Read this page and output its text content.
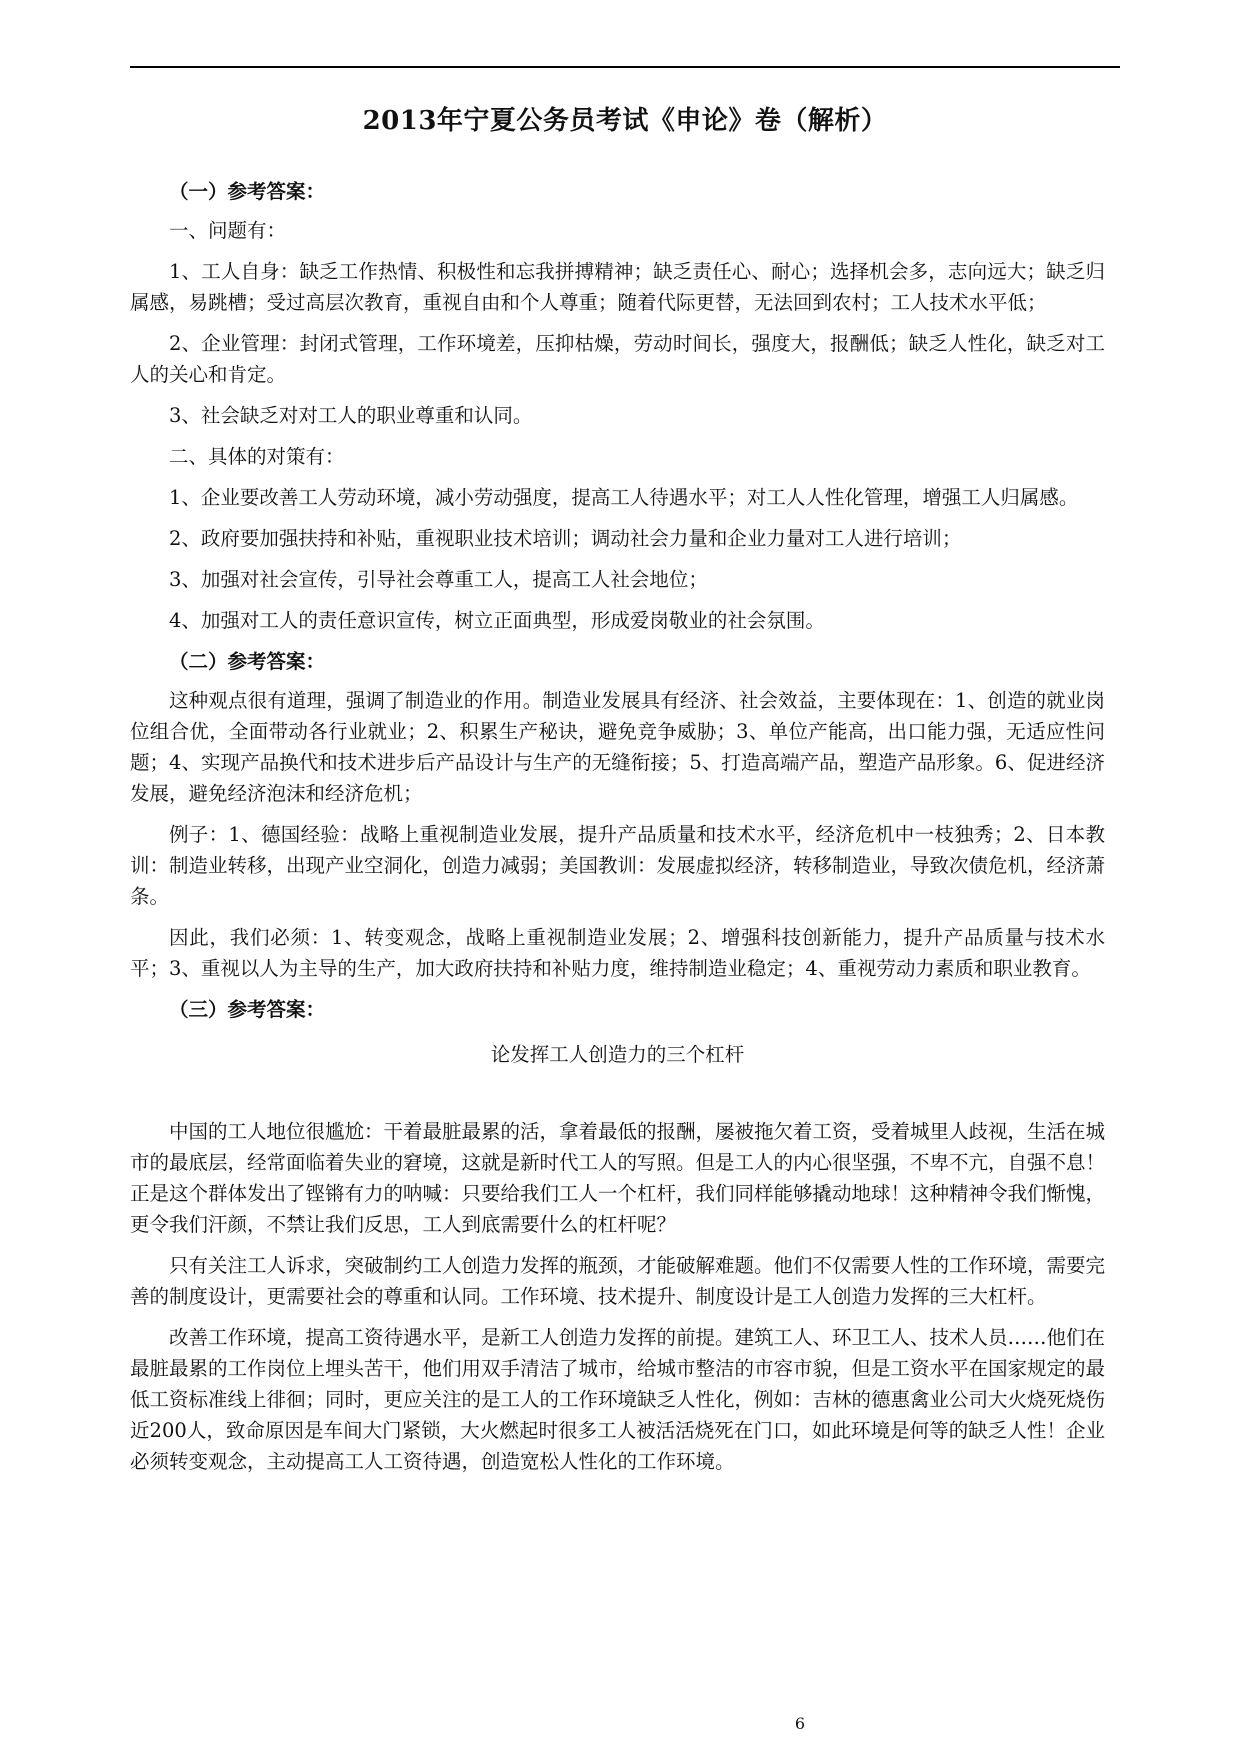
2013年宁夏公务员考试《申论》卷（解析）

（一）参考答案：

一、问题有：

1、工人自身：缺乏工作热情、积极性和忘我拼搏精神；缺乏责任心、耐心；选择机会多，志向远大；缺乏归属感，易跳槽；受过高层次教育，重视自由和个人尊重；随着代际更替，无法回到农村；工人技术水平低；

2、企业管理：封闭式管理，工作环境差，压抑枯燥，劳动时间长，强度大，报酬低；缺乏人性化，缺乏对工人的关心和肯定。

3、社会缺乏对对工人的职业尊重和认同。

二、具体的对策有：

1、企业要改善工人劳动环境，减小劳动强度，提高工人待遇水平；对工人人性化管理，增强工人归属感。

2、政府要加强扶持和补贴，重视职业技术培训；调动社会力量和企业力量对工人进行培训；

3、加强对社会宣传，引导社会尊重工人，提高工人社会地位；

4、加强对工人的责任意识宣传，树立正面典型，形成爱岗敬业的社会氛围。

（二）参考答案：

这种观点很有道理，强调了制造业的作用。制造业发展具有经济、社会效益，主要体现在：1、创造的就业岗位组合优，全面带动各行业就业；2、积累生产秘诀，避免竞争威胁；3、单位产能高，出口能力强，无适应性问题；4、实现产品换代和技术进步后产品设计与生产的无缝衔接；5、打造高端产品，塑造产品形象。6、促进经济发展，避免经济泡沫和经济危机；

例子：1、德国经验：战略上重视制造业发展，提升产品质量和技术水平，经济危机中一枝独秀；2、日本教训：制造业转移，出现产业空洞化，创造力减弱；美国教训：发展虚拟经济，转移制造业，导致次债危机，经济萧条。

因此，我们必须：1、转变观念，战略上重视制造业发展；2、增强科技创新能力，提升产品质量与技术水平；3、重视以人为主导的生产，加大政府扶持和补贴力度，维持制造业稳定；4、重视劳动力素质和职业教育。

（三）参考答案：

论发挥工人创造力的三个杠杆

中国的工人地位很尴尬：干着最脏最累的活，拿着最低的报酬，屡被拖欠着工资，受着城里人歧视，生活在城市的最底层，经常面临着失业的窘境，这就是新时代工人的写照。但是工人的内心很坚强，不卑不亢，自强不息！正是这个群体发出了铿锵有力的呐喊：只要给我们工人一个杠杆，我们同样能够撬动地球！这种精神令我们惭愧，更令我们汗颜，不禁让我们反思，工人到底需要什么的杠杆呢？

只有关注工人诉求，突破制约工人创造力发挥的瓶颈，才能破解难题。他们不仅需要人性的工作环境，需要完善的制度设计，更需要社会的尊重和认同。工作环境、技术提升、制度设计是工人创造力发挥的三大杠杆。

改善工作环境，提高工资待遇水平，是新工人创造力发挥的前提。建筑工人、环卫工人、技术人员……他们在最脏最累的工作岗位上埋头苦干，他们用双手清洁了城市，给城市整洁的市容市貌，但是工资水平在国家规定的最低工资标准线上徘徊；同时，更应关注的是工人的工作环境缺乏人性化，例如：吉林的德惠禽业公司大火烧死烧伤近200人，致命原因是车间大门紧锁，大火燃起时很多工人被活活烧死在门口，如此环境是何等的缺乏人性！企业必须转变观念，主动提高工人工资待遇，创造宽松人性化的工作环境。

6
